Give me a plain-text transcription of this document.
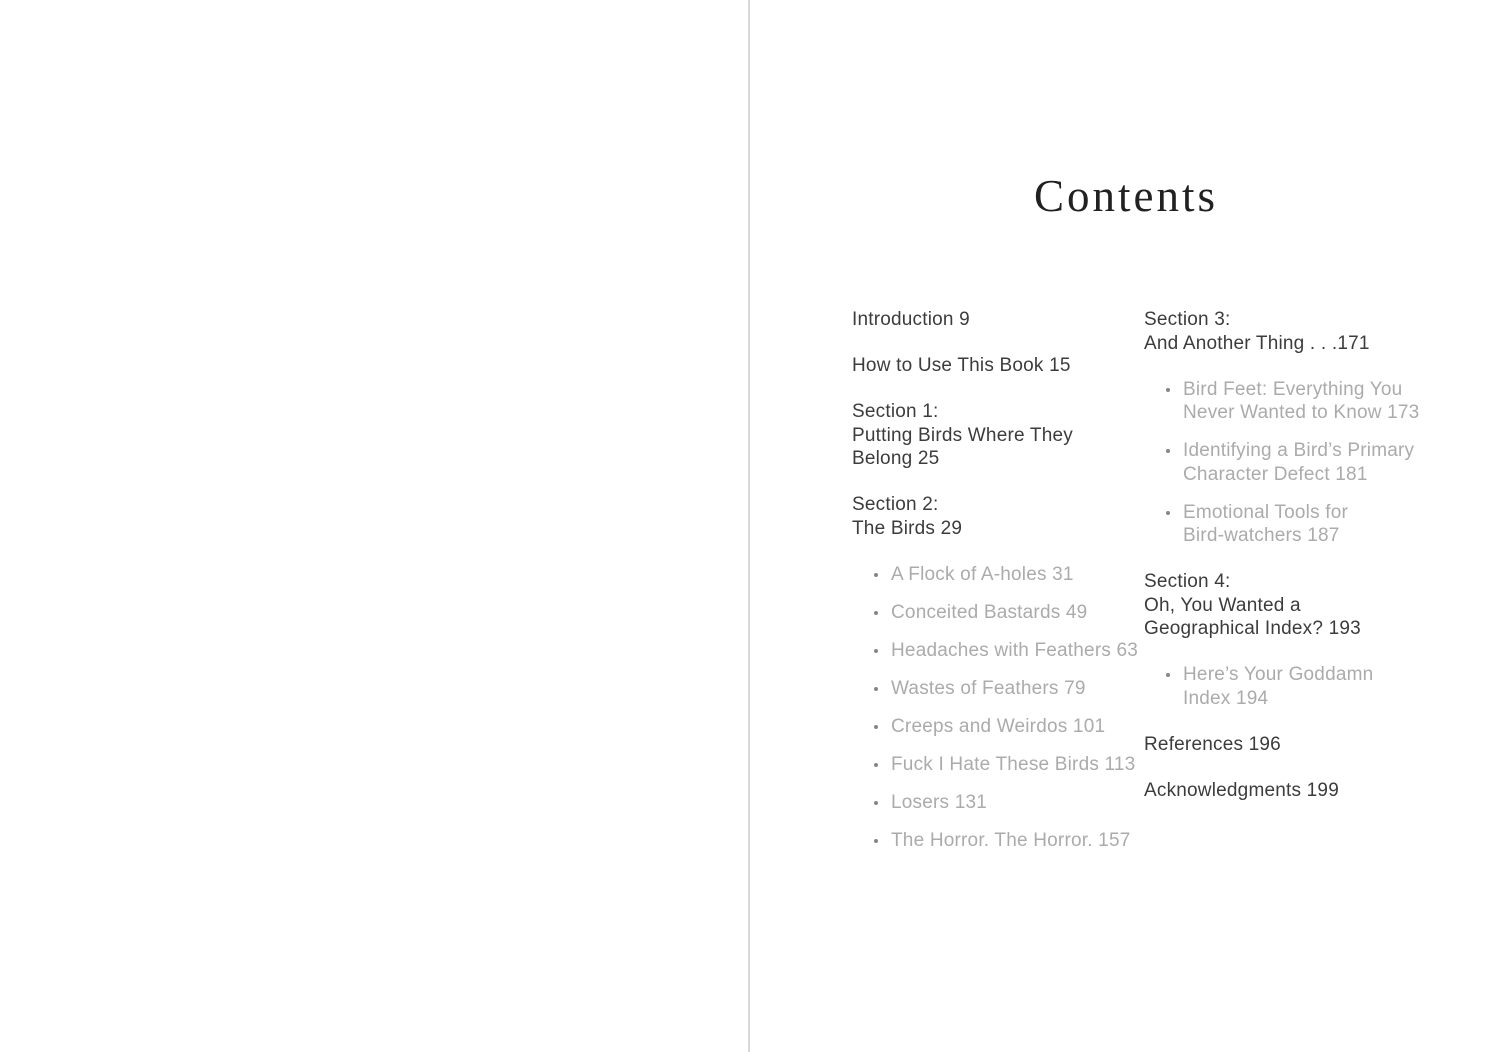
Contents
Introduction 9
How to Use This Book 15
Section 1:
Putting Birds Where They
Belong 25
Section 2:
The Birds 29
A Flock of A-holes 31
Conceited Bastards 49
Headaches with Feathers 63
Wastes of Feathers 79
Creeps and Weirdos 101
Fuck I Hate These Birds 113
Losers 131
The Horror. The Horror. 157
Section 3:
And Another Thing . . .171
Bird Feet: Everything You
Never Wanted to Know 173
Identifying a Bird’s Primary
Character Defect 181
Emotional Tools for
Bird-watchers 187
Section 4:
Oh, You Wanted a
Geographical Index? 193
Here’s Your Goddamn
Index 194
References 196
Acknowledgments 199
